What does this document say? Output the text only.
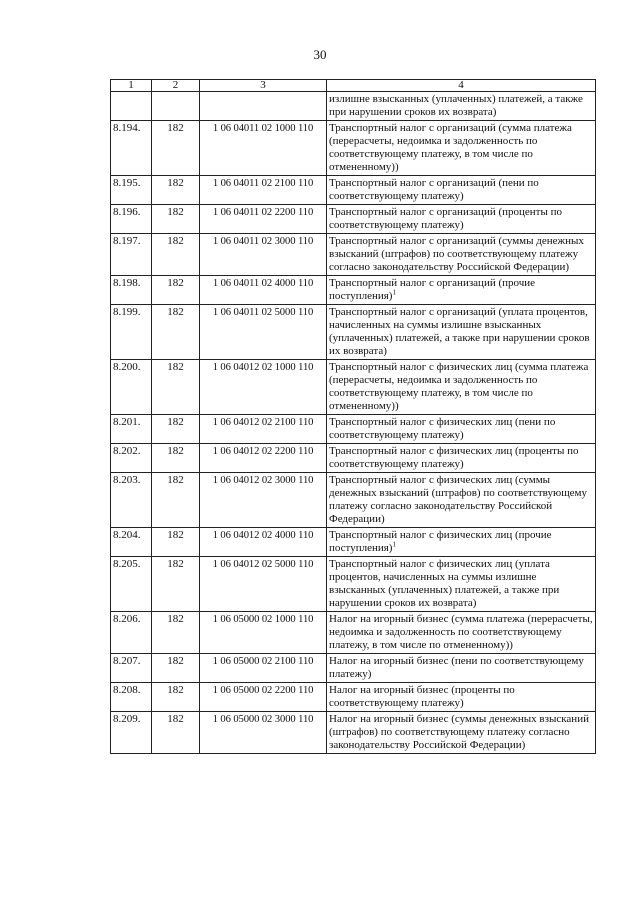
30
1	2	3	4
			излишне взысканных (уплаченных) платежей, а также при нарушении сроков их возврата)
8.194.	182	1 06 04011 02 1000 110	Транспортный налог с организаций (сумма платежа (перерасчеты, недоимка и задолженность по соответствующему платежу, в том числе по отмененному))
8.195.	182	1 06 04011 02 2100 110	Транспортный налог с организаций (пени по соответствующему платежу)
8.196.	182	1 06 04011 02 2200 110	Транспортный налог с организаций (проценты по соответствующему платежу)
8.197.	182	1 06 04011 02 3000 110	Транспортный налог с организаций (суммы денежных взысканий (штрафов) по соответствующему платежу согласно законодательству Российской Федерации)
8.198.	182	1 06 04011 02 4000 110	Транспортный налог с организаций (прочие поступления)$^1$
8.199.	182	1 06 04011 02 5000 110	Транспортный налог с организаций (уплата процентов, начисленных на суммы излишне взысканных (уплаченных) платежей, а также при нарушении сроков их возврата)
8.200.	182	1 06 04012 02 1000 110	Транспортный налог с физических лиц (сумма платежа (перерасчеты, недоимка и задолженность по соответствующему платежу, в том числе по отмененному))
8.201.	182	1 06 04012 02 2100 110	Транспортный налог с физических лиц (пени по соответствующему платежу)
8.202.	182	1 06 04012 02 2200 110	Транспортный налог с физических лиц (проценты по соответствующему платежу)
8.203.	182	1 06 04012 02 3000 110	Транспортный налог с физических лиц (суммы денежных взысканий (штрафов) по соответствующему платежу согласно законодательству Российской Федерации)
8.204.	182	1 06 04012 02 4000 110	Транспортный налог с физических лиц (прочие поступления)$^1$
8.205.	182	1 06 04012 02 5000 110	Транспортный налог с физических лиц (уплата процентов, начисленных на суммы излишне взысканных (уплаченных) платежей, а также при нарушении сроков их возврата)
8.206.	182	1 06 05000 02 1000 110	Налог на игорный бизнес (сумма платежа (перерасчеты, недоимка и задолженность по соответствующему платежу, в том числе по отмененному))
8.207.	182	1 06 05000 02 2100 110	Налог на игорный бизнес (пени по соответствующему платежу)
8.208.	182	1 06 05000 02 2200 110	Налог на игорный бизнес (проценты по соответствующему платежу)
8.209.	182	1 06 05000 02 3000 110	Налог на игорный бизнес (суммы денежных взысканий (штрафов) по соответствующему платежу согласно законодательству Российской Федерации)
